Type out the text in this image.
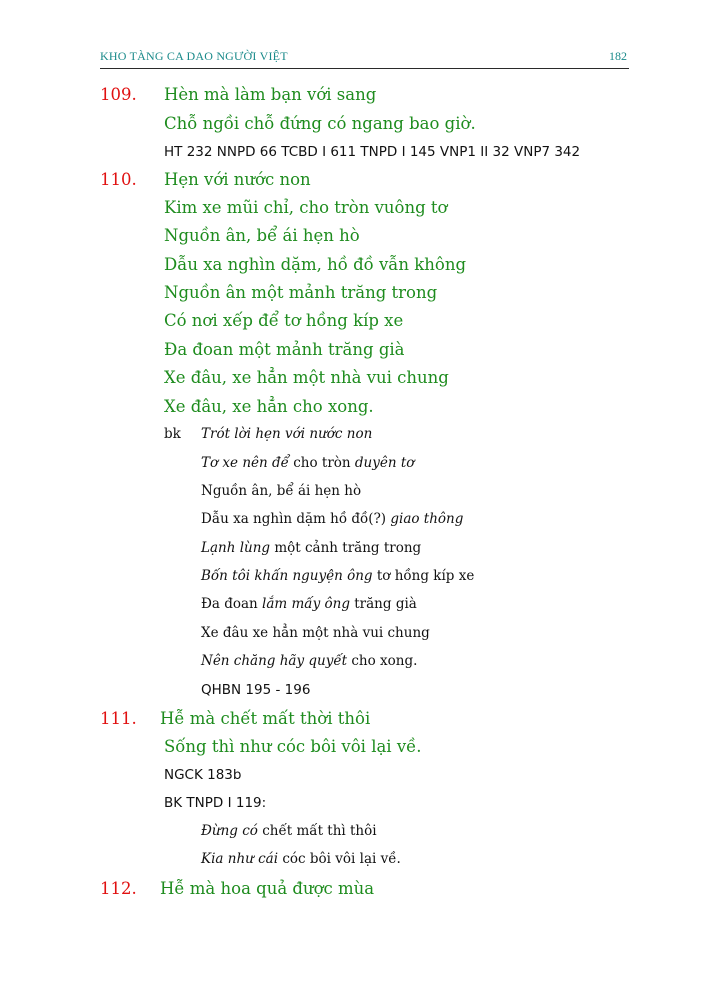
KHO TÀNG CA DAO NGƯỜI VIỆT	182
109. Hèn mà làm bạn với sang
Chỗ ngồi chỗ đứng có ngang bao giờ.
HT 232 NNPD 66 TCBD I 611 TNPD I 145 VNP1 II 32 VNP7 342
110. Hẹn với nước non
Kim xe mũi chỉ, cho tròn vuông tơ
Nguồn ân, bể ái hẹn hò
Dẫu xa nghìn dặm, hồ đồ vẫn không
Nguồn ân một mảnh trăng trong
Có nơi xếp để tơ hồng kíp xe
Đa đoan một mảnh trăng già
Xe đâu, xe hẳn một nhà vui chung
Xe đâu, xe hẳn cho xong.
bk Trót lời hẹn với nước non
Tơ xe nên để cho tròn duyên tơ
Nguồn ân, bể ái hẹn hò
Dẫu xa nghìn dặm hồ đồ(?) giao thông
Lạnh lùng một cảnh trăng trong
Bốn tôi khấn nguyện ông tơ hồng kíp xe
Đa đoan lắm mấy ông trăng già
Xe đâu xe hẳn một nhà vui chung
Nên chăng hãy quyết cho xong.
QHBN 195 - 196
111. Hễ mà chết mất thời thôi
Sống thì như cóc bôi vôi lại về.
NGCK 183b
BK TNPD I 119:
Đừng có chết mất thì thôi
Kia như cái cóc bôi vôi lại về.
112. Hễ mà hoa quả được mùa
